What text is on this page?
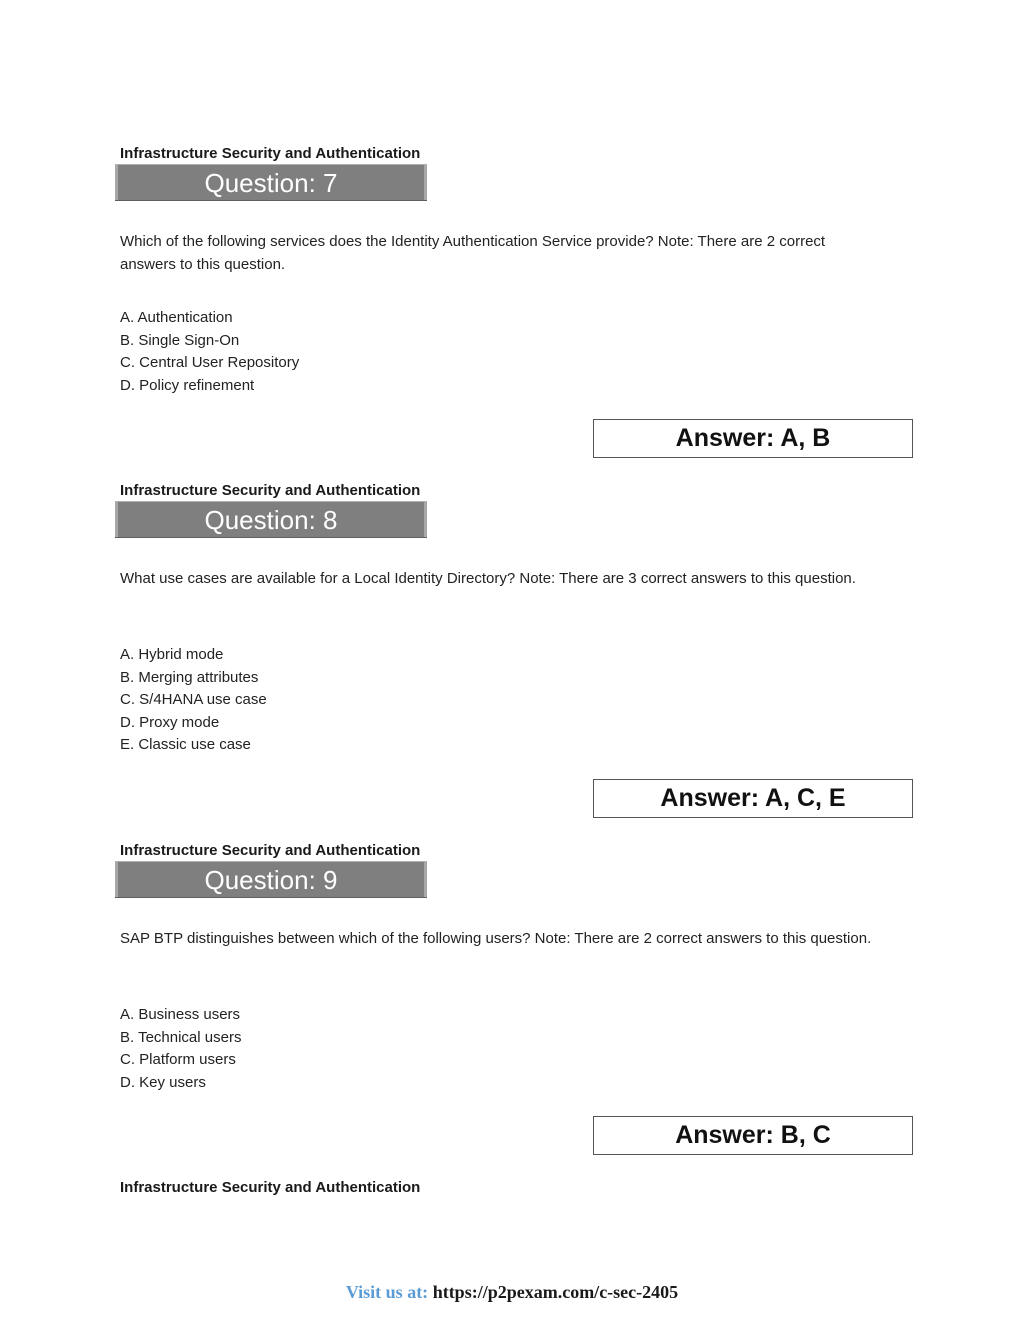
Infrastructure Security and Authentication
Question: 7
Which of the following services does the Identity Authentication Service provide? Note: There are 2 correct answers to this question.
A. Authentication
B. Single Sign-On
C. Central User Repository
D. Policy refinement
Answer: A, B
Infrastructure Security and Authentication
Question: 8
What use cases are available for a Local Identity Directory? Note: There are 3 correct answers to this question.
A. Hybrid mode
B. Merging attributes
C. S/4HANA use case
D. Proxy mode
E. Classic use case
Answer: A, C, E
Infrastructure Security and Authentication
Question: 9
SAP BTP distinguishes between which of the following users? Note: There are 2 correct answers to this question.
A. Business users
B. Technical users
C. Platform users
D. Key users
Answer: B, C
Infrastructure Security and Authentication
Visit us at: https://p2pexam.com/c-sec-2405
